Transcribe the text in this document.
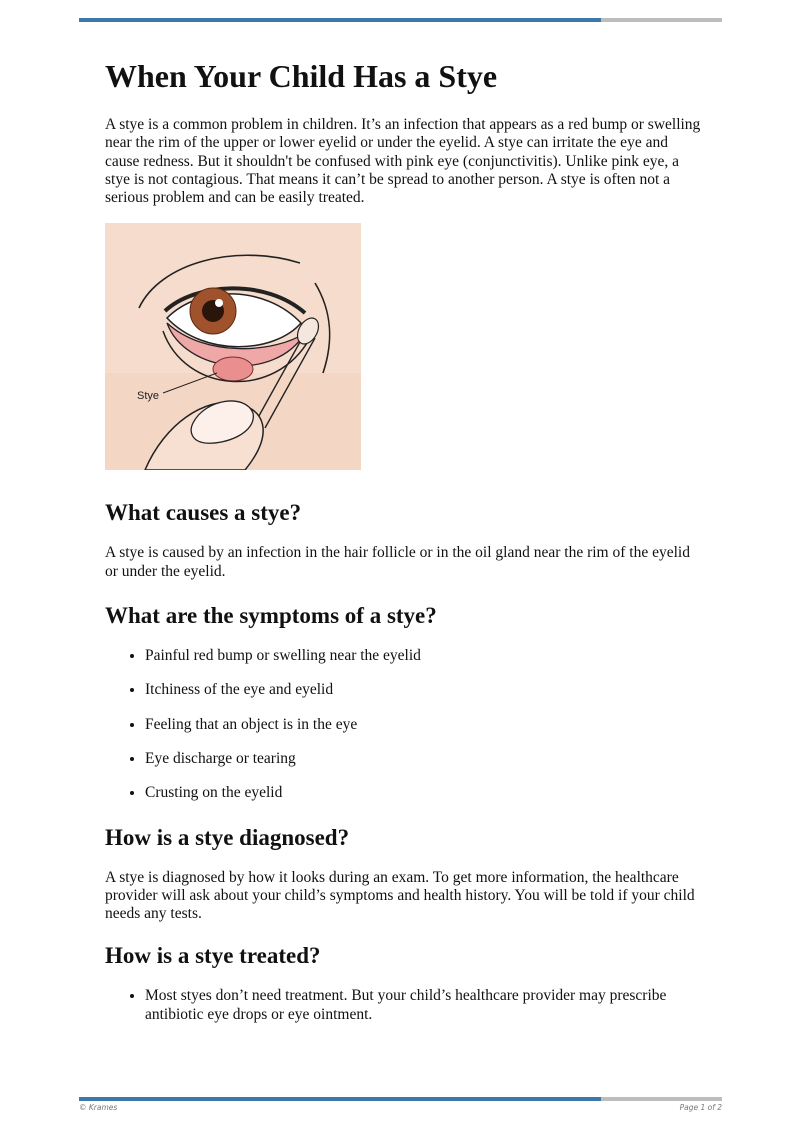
When Your Child Has a Stye

A stye is a common problem in children. It’s an infection that appears as a red bump or swelling near the rim of the upper or lower eyelid or under the eyelid. A stye can irritate the eye and cause redness. But it shouldn't be confused with pink eye (conjunctivitis). Unlike pink eye, a stye is not contagious. That means it can’t be spread to another person. A stye is often not a serious problem and can be easily treated.

Stye
What causes a stye?

A stye is caused by an infection in the hair follicle or in the oil gland near the rim of the eyelid or under the eyelid.

What are the symptoms of a stye?
• Painful red bump or swelling near the eyelid
• Itchiness of the eye and eyelid
• Feeling that an object is in the eye
• Eye discharge or tearing
• Crusting on the eyelid
How is a stye diagnosed?

A stye is diagnosed by how it looks during an exam. To get more information, the healthcare provider will ask about your child’s symptoms and health history. You will be told if your child needs any tests.

How is a stye treated?
• Most styes don’t need treatment. But your child’s healthcare provider may prescribe antibiotic eye drops or eye ointment.
© Krames	Page 1 of 2
